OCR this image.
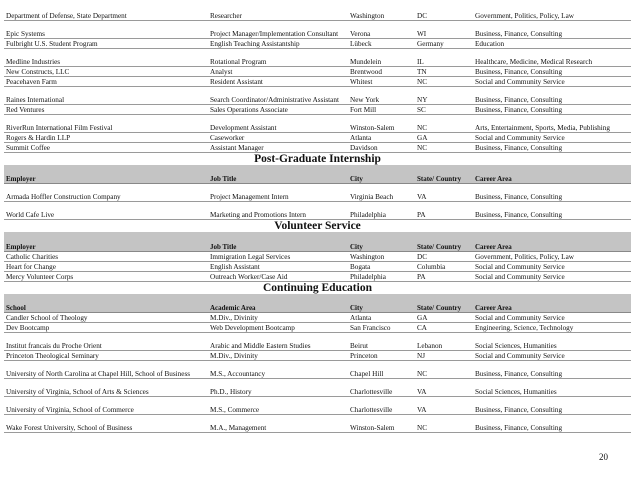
Department of Defense, State Department	Researcher	Washington	DC	Government, Politics, Policy, Law
Epic Systems	Project Manager/Implementation Consultant	Verona	WI	Business, Finance, Consulting
Fulbright U.S. Student Program	English Teaching Assistantship	Lübeck	Germany	Education
Medline Industries	Rotational Program	Mundelein	IL	Healthcare, Medicine, Medical Research
New Constructs, LLC	Analyst	Brentwood	TN	Business, Finance, Consulting
Peacehaven Farm	Resident Assistant	Whitest	NC	Social and Community Service
Raines International	Search Coordinator/Administrative Assistant	New York	NY	Business, Finance, Consulting
Red Ventures	Sales Operations Associate	Fort Mill	SC	Business, Finance, Consulting
RiverRun International Film Festival	Development Assistant	Winston-Salem	NC	Arts, Entertainment, Sports, Media, Publishing
Rogers & Hardin LLP	Caseworker	Atlanta	GA	Social and Community Service
Summit Coffee	Assistant Manager	Davidson	NC	Business, Finance, Consulting
Post-Graduate Internship				
Employer	Job Title	City	State/ Country	Career Area
Armada Hoffler Construction Company	Project Management Intern	Virginia Beach	VA	Business, Finance, Consulting
World Cafe Live	Marketing and Promotions Intern	Philadelphia	PA	Business, Finance, Consulting
Volunteer Service				
Employer	Job Title	City	State/ Country	Career Area
Catholic Charities	Immigration Legal Services	Washington	DC	Government, Politics, Policy, Law
Heart for Change	English Assistant	Bogata	Columbia	Social and Community Service
Mercy Volunteer Corps	Outreach Worker/Case Aid	Philadelphia	PA	Social and Community Service
Continuing Education				
School	Academic Area	City	State/ Country	Career Area
Candler School of Theology	M.Div., Divinity	Atlanta	GA	Social and Community Service
Dev Bootcamp	Web Development Bootcamp	San Francisco	CA	Engineering, Science, Technology
Institut francais du Proche Orient	Arabic and Middle Eastern Studies	Beirut	Lebanon	Social Sciences, Humanities
Princeton Theological Seminary	M.Div., Divinity	Princeton	NJ	Social and Community Service
University of North Carolina at Chapel Hill, School of Business	M.S., Accountancy	Chapel Hill	NC	Business, Finance, Consulting
University of Virginia, School of Arts & Sciences	Ph.D., History	Charlottesville	VA	Social Sciences, Humanities
University of Virginia, School of Commerce	M.S., Commerce	Charlottesville	VA	Business, Finance, Consulting
Wake Forest University, School of Business	M.A., Management	Winston-Salem	NC	Business, Finance, Consulting
20
